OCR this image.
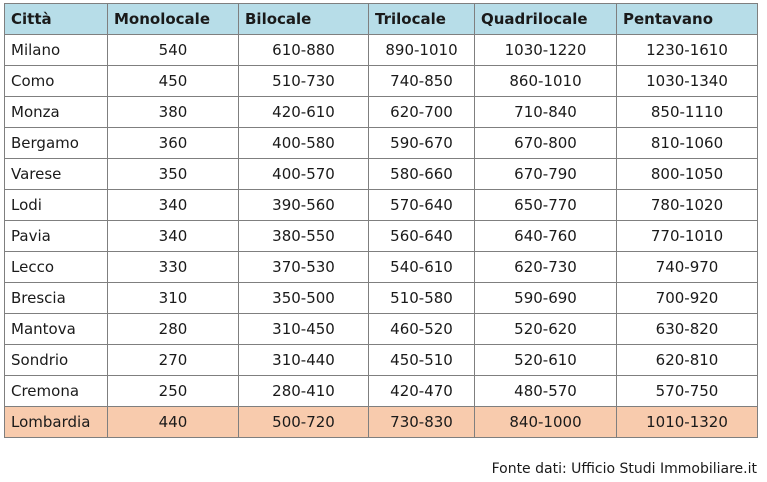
Città	Monolocale	Bilocale	Trilocale	Quadrilocale	Pentavano
Milano	540	610-880	890-1010	1030-1220	1230-1610
Como	450	510-730	740-850	860-1010	1030-1340
Monza	380	420-610	620-700	710-840	850-1110
Bergamo	360	400-580	590-670	670-800	810-1060
Varese	350	400-570	580-660	670-790	800-1050
Lodi	340	390-560	570-640	650-770	780-1020
Pavia	340	380-550	560-640	640-760	770-1010
Lecco	330	370-530	540-610	620-730	740-970
Brescia	310	350-500	510-580	590-690	700-920
Mantova	280	310-450	460-520	520-620	630-820
Sondrio	270	310-440	450-510	520-610	620-810
Cremona	250	280-410	420-470	480-570	570-750
Lombardia	440	500-720	730-830	840-1000	1010-1320
Fonte dati: Ufficio Studi Immobiliare.it
